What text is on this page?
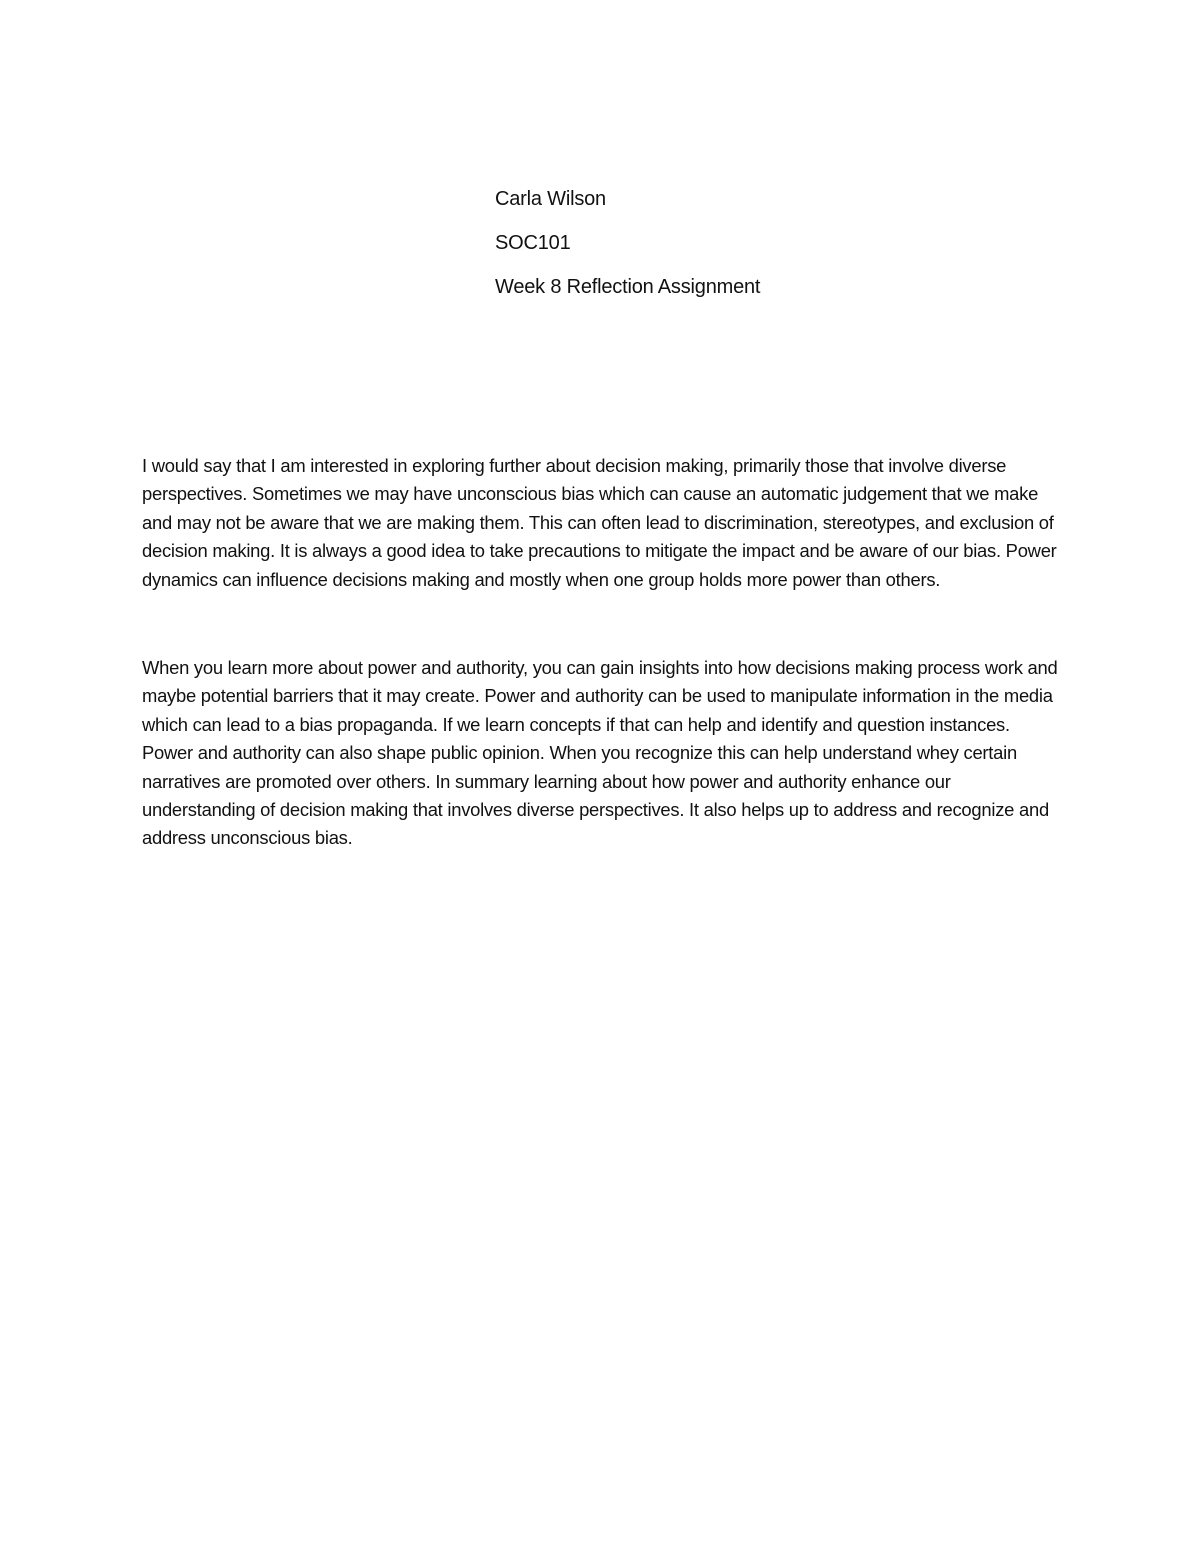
Carla Wilson

SOC101

Week 8 Reflection Assignment

I would say that I am interested in exploring further about decision making, primarily those that involve diverse perspectives. Sometimes we may have unconscious bias which can cause an automatic judgement that we make and may not be aware that we are making them. This can often lead to discrimination, stereotypes, and exclusion of decision making. It is always a good idea to take precautions to mitigate the impact and be aware of our bias. Power dynamics can influence decisions making and mostly when one group holds more power than others.

When you learn more about power and authority, you can gain insights into how decisions making process work and maybe potential barriers that it may create. Power and authority can be used to manipulate information in the media which can lead to a bias propaganda. If we learn concepts if that can help and identify and question instances. Power and authority can also shape public opinion. When you recognize this can help understand whey certain narratives are promoted over others. In summary learning about how power and authority enhance our understanding of decision making that involves diverse perspectives. It also helps up to address and recognize and address unconscious bias.
